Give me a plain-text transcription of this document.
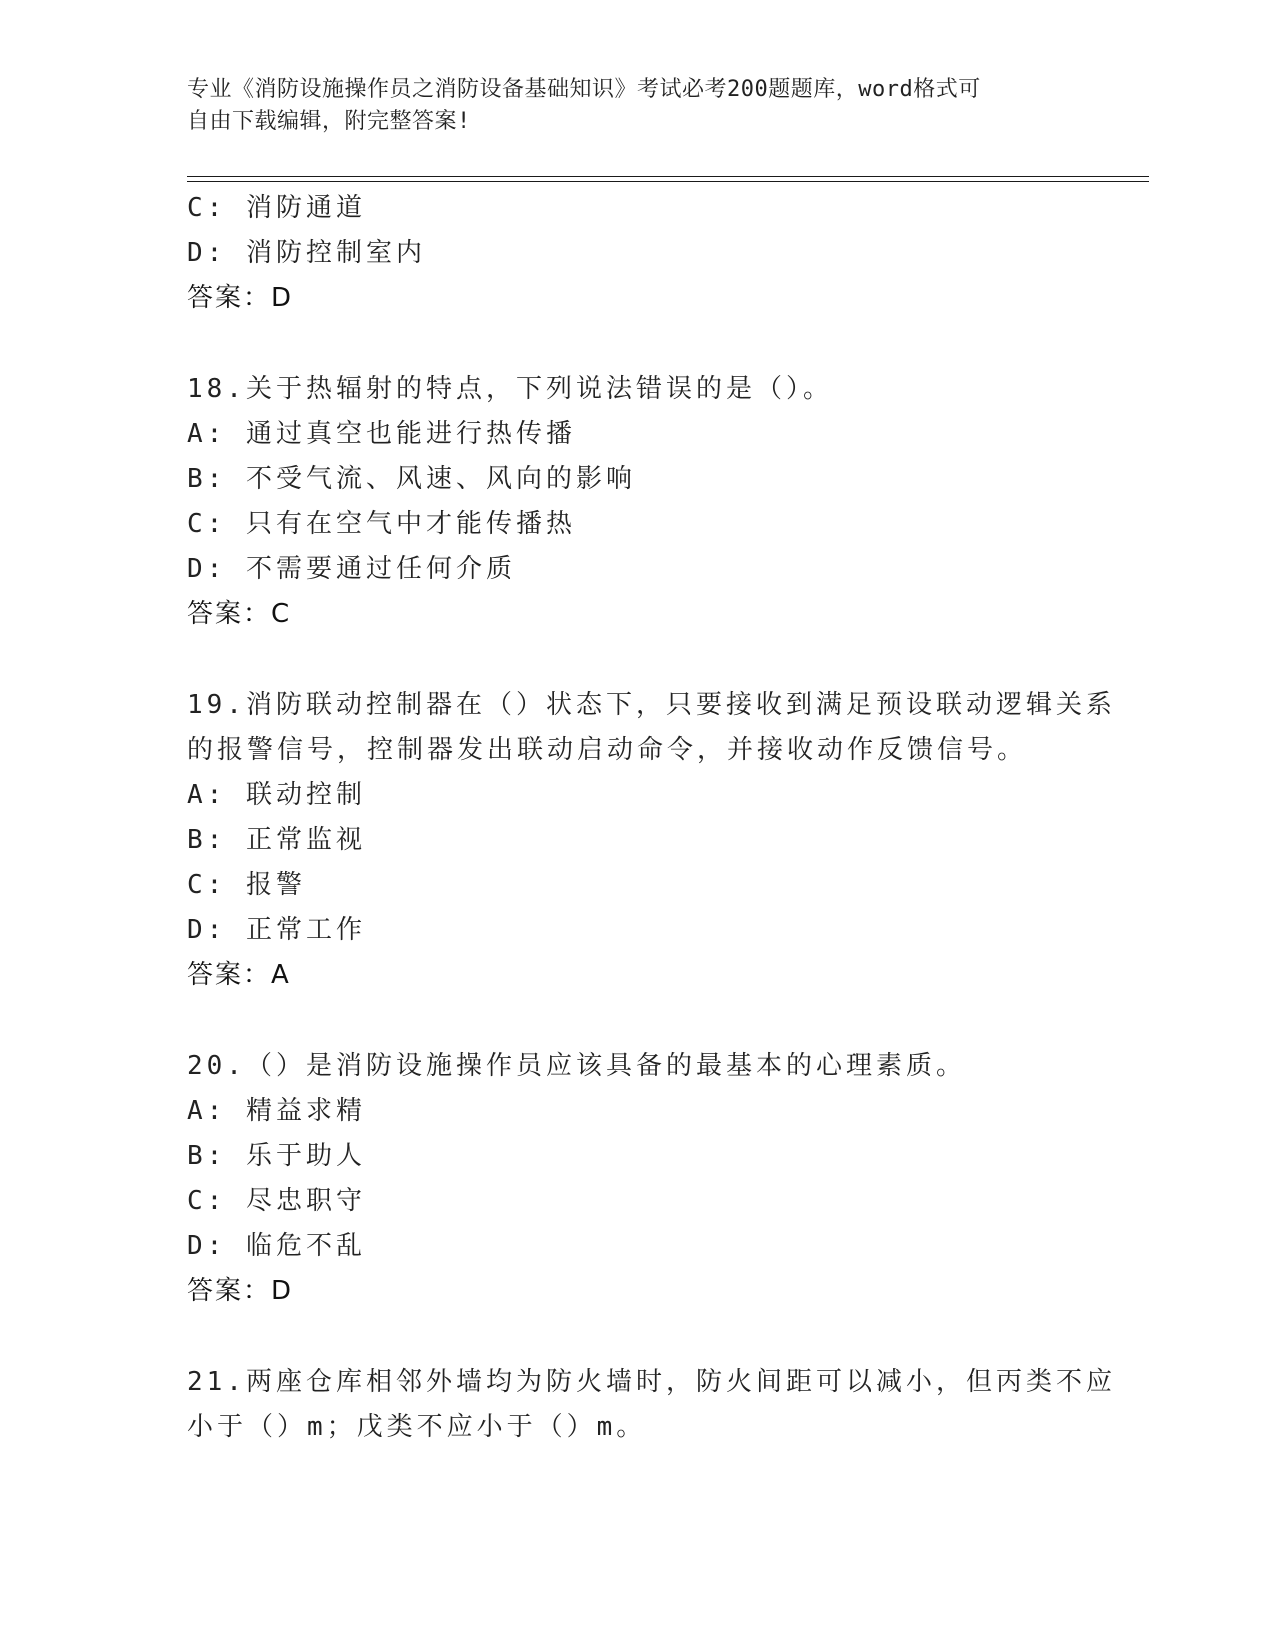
专业《消防设施操作员之消防设备基础知识》考试必考200题题库，word格式可
自由下载编辑，附完整答案!
C: 消防通道
D: 消防控制室内
答案：D
18.关于热辐射的特点，下列说法错误的是（）。
A: 通过真空也能进行热传播
B: 不受气流、风速、风向的影响
C: 只有在空气中才能传播热
D: 不需要通过任何介质
答案：C
19.消防联动控制器在（）状态下，只要接收到满足预设联动逻辑关系
的报警信号，控制器发出联动启动命令，并接收动作反馈信号。
A: 联动控制
B: 正常监视
C: 报警
D: 正常工作
答案：A
20.（）是消防设施操作员应该具备的最基本的心理素质。
A: 精益求精
B: 乐于助人
C: 尽忠职守
D: 临危不乱
答案：D
21.两座仓库相邻外墙均为防火墙时，防火间距可以减小，但丙类不应
小于（）m；戊类不应小于（）m。
